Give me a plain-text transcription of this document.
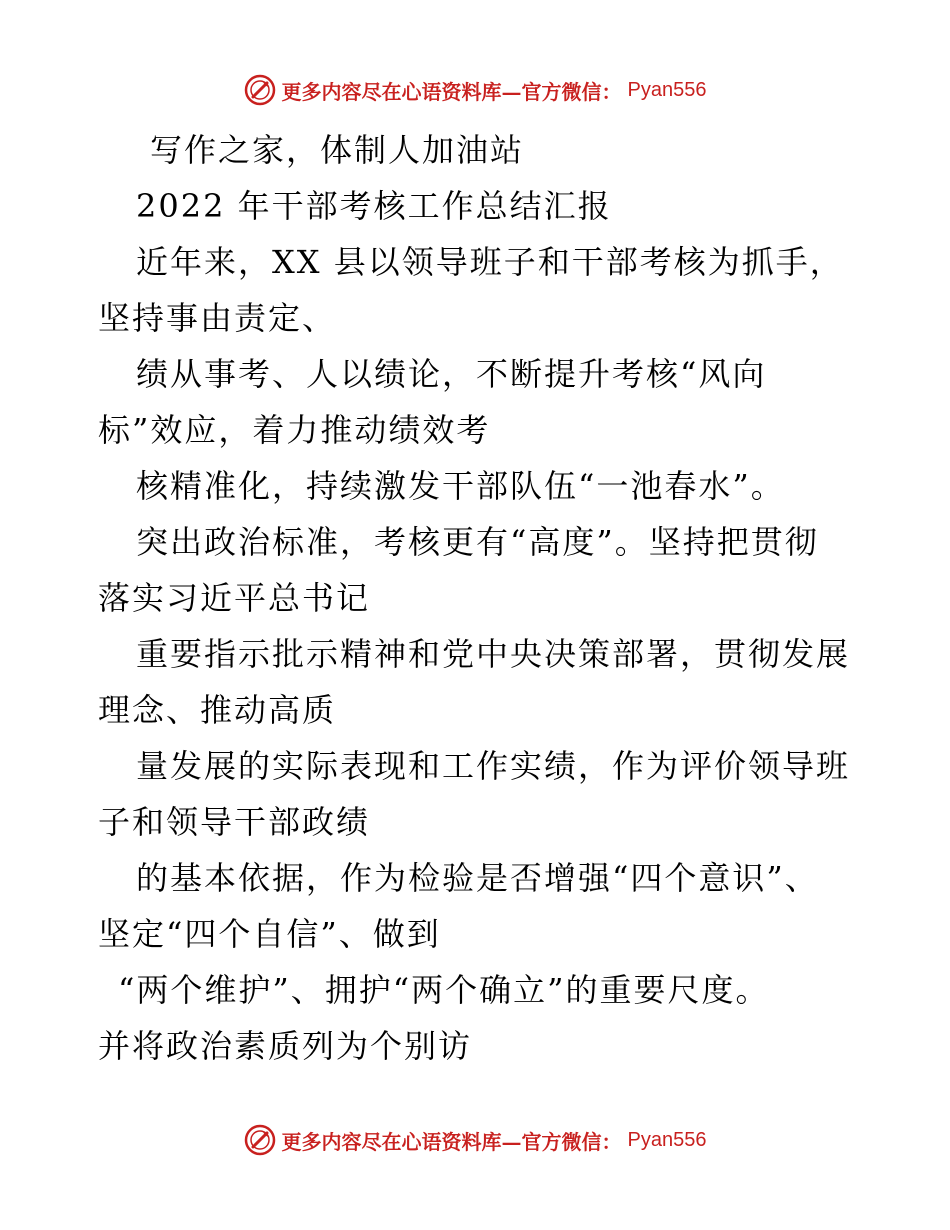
更多内容尽在心语资料库—官方微信： Pyan556
写作之家，体制人加油站
2022 年干部考核工作总结汇报
近年来，XX 县以领导班子和干部考核为抓手，
坚持事由责定、
绩从事考、人以绩论，不断提升考核“风向
标”效应，着力推动绩效考
核精准化，持续激发干部队伍“一池春水”。
突出政治标准，考核更有“高度”。坚持把贯彻
落实习近平总书记
重要指示批示精神和党中央决策部署，贯彻发展
理念、推动高质
量发展的实际表现和工作实绩，作为评价领导班
子和领导干部政绩
的基本依据，作为检验是否增强“四个意识”、
坚定“四个自信”、做到
“两个维护”、拥护“两个确立”的重要尺度。
并将政治素质列为个别访
更多内容尽在心语资料库—官方微信： Pyan556
